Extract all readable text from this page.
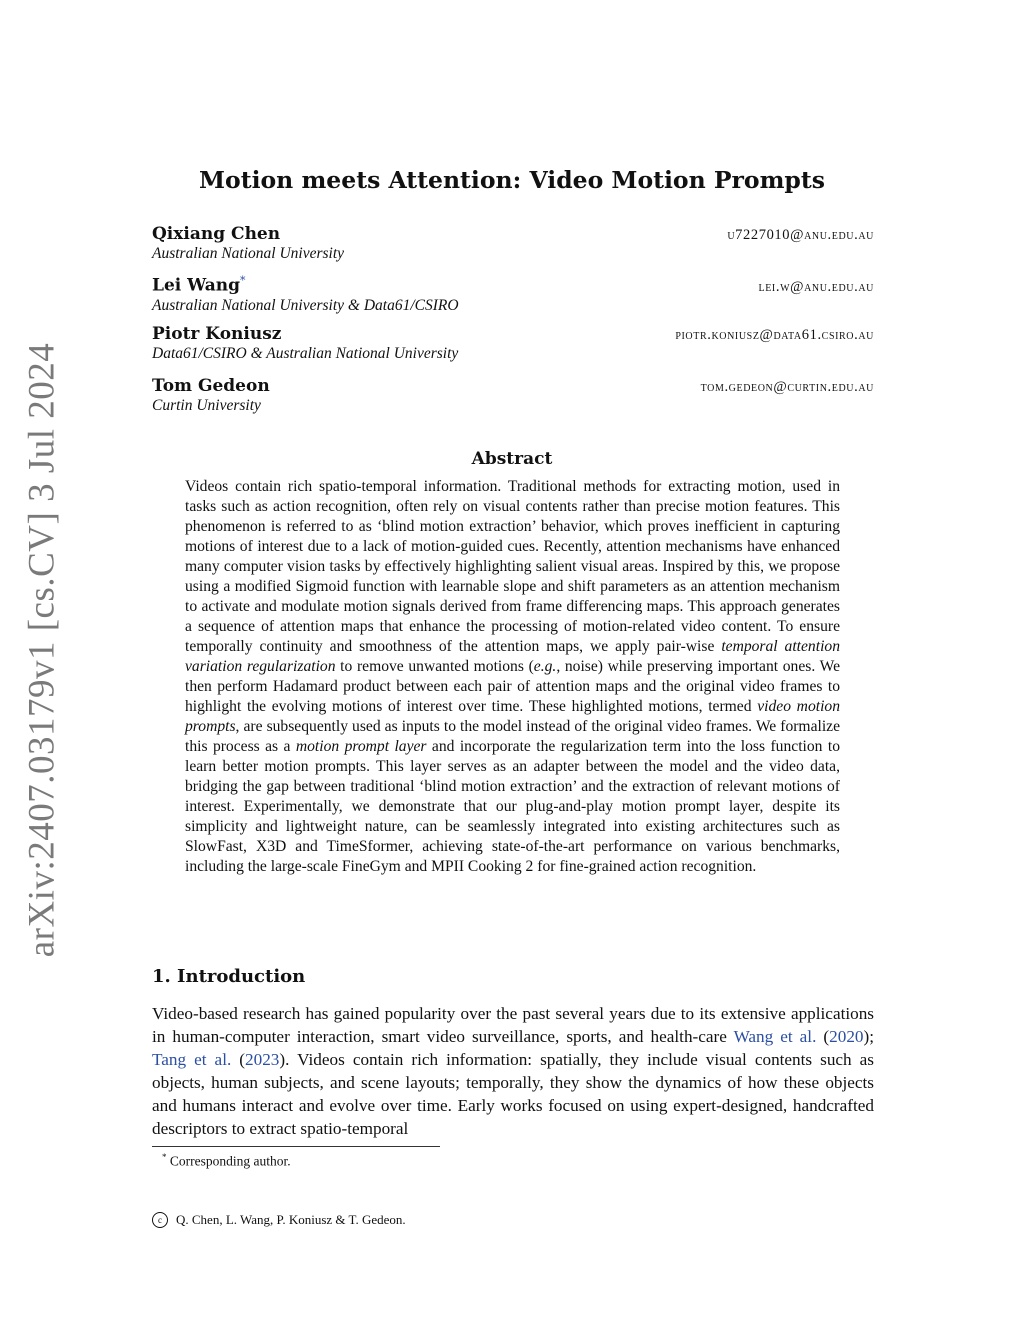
arXiv:2407.03179v1 [cs.CV] 3 Jul 2024
Motion meets Attention: Video Motion Prompts
Qixiang Chen	u7227010@anu.edu.au
Australian National University
Lei Wang*	lei.w@anu.edu.au
Australian National University & Data61/CSIRO
Piotr Koniusz	piotr.koniusz@data61.csiro.au
Data61/CSIRO & Australian National University
Tom Gedeon	tom.gedeon@curtin.edu.au
Curtin University
Abstract
Videos contain rich spatio-temporal information. Traditional methods for extracting motion, used in tasks such as action recognition, often rely on visual contents rather than precise motion features. This phenomenon is referred to as ‘blind motion extraction’ behavior, which proves inefficient in capturing motions of interest due to a lack of motion-guided cues. Recently, attention mechanisms have enhanced many computer vision tasks by effectively highlighting salient visual areas. Inspired by this, we propose using a modified Sigmoid function with learnable slope and shift parameters as an attention mechanism to activate and modulate motion signals derived from frame differencing maps. This approach generates a sequence of attention maps that enhance the processing of motion-related video content. To ensure temporally continuity and smoothness of the attention maps, we apply pair-wise temporal attention variation regularization to remove unwanted motions (e.g., noise) while preserving important ones. We then perform Hadamard product between each pair of attention maps and the original video frames to highlight the evolving motions of interest over time. These highlighted motions, termed video motion prompts, are subsequently used as inputs to the model instead of the original video frames. We formalize this process as a motion prompt layer and incorporate the regularization term into the loss function to learn better motion prompts. This layer serves as an adapter between the model and the video data, bridging the gap between traditional ‘blind motion extraction’ and the extraction of relevant motions of interest. Experimentally, we demonstrate that our plug-and-play motion prompt layer, despite its simplicity and lightweight nature, can be seamlessly integrated into existing architectures such as SlowFast, X3D and TimeSformer, achieving state-of-the-art performance on various benchmarks, including the large-scale FineGym and MPII Cooking 2 for fine-grained action recognition.
1. Introduction
Video-based research has gained popularity over the past several years due to its extensive applications in human-computer interaction, smart video surveillance, sports, and health-care Wang et al. (2020); Tang et al. (2023). Videos contain rich information: spatially, they include visual contents such as objects, human subjects, and scene layouts; temporally, they show the dynamics of how these objects and humans interact and evolve over time. Early works focused on using expert-designed, handcrafted descriptors to extract spatio-temporal
* Corresponding author.
c	Q. Chen, L. Wang, P. Koniusz & T. Gedeon.
